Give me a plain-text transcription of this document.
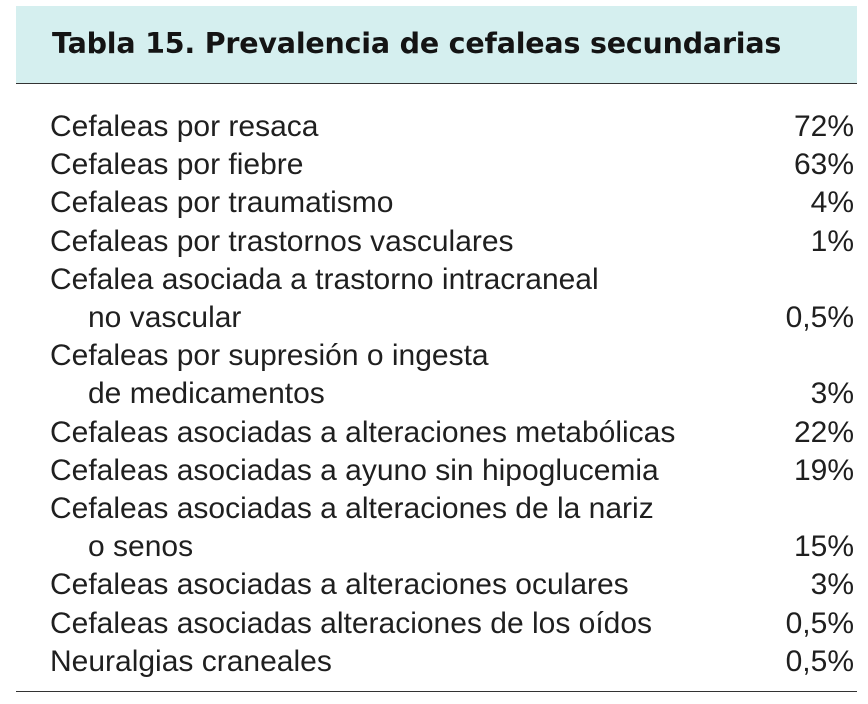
Tabla 15. Prevalencia de cefaleas secundarias
Cefaleas por resaca	72%
Cefaleas por fiebre	63%
Cefaleas por traumatismo	4%
Cefaleas por trastornos vasculares	1%
Cefalea asociada a trastorno intracraneal
no vascular	0,5%
Cefaleas por supresión o ingesta
de medicamentos	3%
Cefaleas asociadas a alteraciones metabólicas	22%
Cefaleas asociadas a ayuno sin hipoglucemia	19%
Cefaleas asociadas a alteraciones de la nariz
o senos	15%
Cefaleas asociadas a alteraciones oculares	3%
Cefaleas asociadas alteraciones de los oídos	0,5%
Neuralgias craneales	0,5%
